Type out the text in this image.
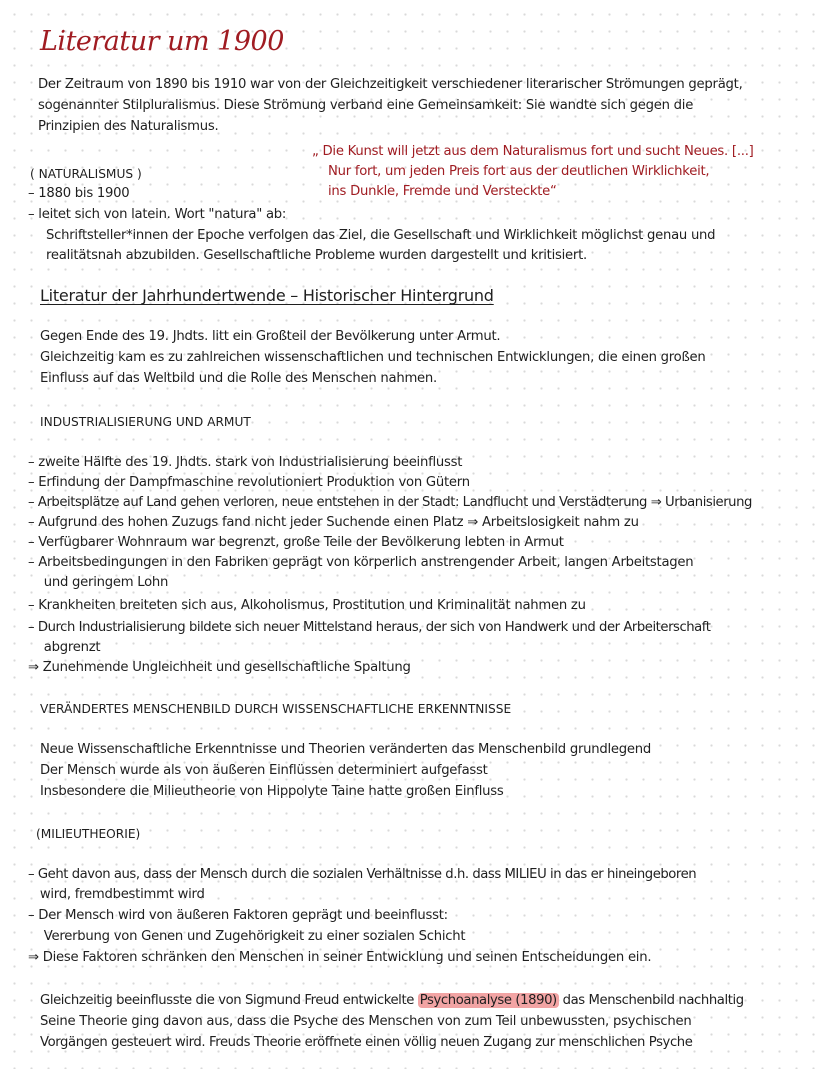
Literatur um 1900
Der Zeitraum von 1890 bis 1910 war von der Gleichzeitigkeit verschiedener literarischer Strömungen geprägt,
sogenannter Stilpluralismus. Diese Strömung verband eine Gemeinsamkeit: Sie wandte sich gegen die
Prinzipien des Naturalismus.
„ Die Kunst will jetzt aus dem Naturalismus fort und sucht Neues. [...]
Nur fort, um jeden Preis fort aus der deutlichen Wirklichkeit,
ins Dunkle, Fremde und Versteckte“
( NATURALISMUS )
– 1880 bis 1900
– leitet sich von latein. Wort "natura" ab:
Schriftsteller*innen der Epoche verfolgen das Ziel, die Gesellschaft und Wirklichkeit möglichst genau und
realitätsnah abzubilden. Gesellschaftliche Probleme wurden dargestellt und kritisiert.
Literatur der Jahrhundertwende – Historischer Hintergrund
Gegen Ende des 19. Jhdts. litt ein Großteil der Bevölkerung unter Armut.
Gleichzeitig kam es zu zahlreichen wissenschaftlichen und technischen Entwicklungen, die einen großen
Einfluss auf das Weltbild und die Rolle des Menschen nahmen.
INDUSTRIALISIERUNG UND ARMUT
– zweite Hälfte des 19. Jhdts. stark von Industrialisierung beeinflusst
– Erfindung der Dampfmaschine revolutioniert Produktion von Gütern
– Arbeitsplätze auf Land gehen verloren, neue entstehen in der Stadt: Landflucht und Verstädterung ⇒ Urbanisierung
– Aufgrund des hohen Zuzugs fand nicht jeder Suchende einen Platz ⇒ Arbeitslosigkeit nahm zu
– Verfügbarer Wohnraum war begrenzt, große Teile der Bevölkerung lebten in Armut
– Arbeitsbedingungen in den Fabriken geprägt von körperlich anstrengender Arbeit, langen Arbeitstagen
und geringem Lohn
– Krankheiten breiteten sich aus, Alkoholismus, Prostitution und Kriminalität nahmen zu
– Durch Industrialisierung bildete sich neuer Mittelstand heraus, der sich von Handwerk und der Arbeiterschaft
abgrenzt
⇒ Zunehmende Ungleichheit und gesellschaftliche Spaltung
VERÄNDERTES MENSCHENBILD DURCH WISSENSCHAFTLICHE ERKENNTNISSE
Neue Wissenschaftliche Erkenntnisse und Theorien veränderten das Menschenbild grundlegend
Der Mensch wurde als von äußeren Einflüssen determiniert aufgefasst
Insbesondere die Milieutheorie von Hippolyte Taine hatte großen Einfluss
(MILIEUTHEORIE)
– Geht davon aus, dass der Mensch durch die sozialen Verhältnisse d.h. dass MILIEU in das er hineingeboren
wird, fremdbestimmt wird
– Der Mensch wird von äußeren Faktoren geprägt und beeinflusst:
Vererbung von Genen und Zugehörigkeit zu einer sozialen Schicht
⇒ Diese Faktoren schränken den Menschen in seiner Entwicklung und seinen Entscheidungen ein.
Gleichzeitig beeinflusste die von Sigmund Freud entwickelte Psychoanalyse (1890) das Menschenbild nachhaltig
Seine Theorie ging davon aus, dass die Psyche des Menschen von zum Teil unbewussten, psychischen
Vorgängen gesteuert wird. Freuds Theorie eröffnete einen völlig neuen Zugang zur menschlichen Psyche
